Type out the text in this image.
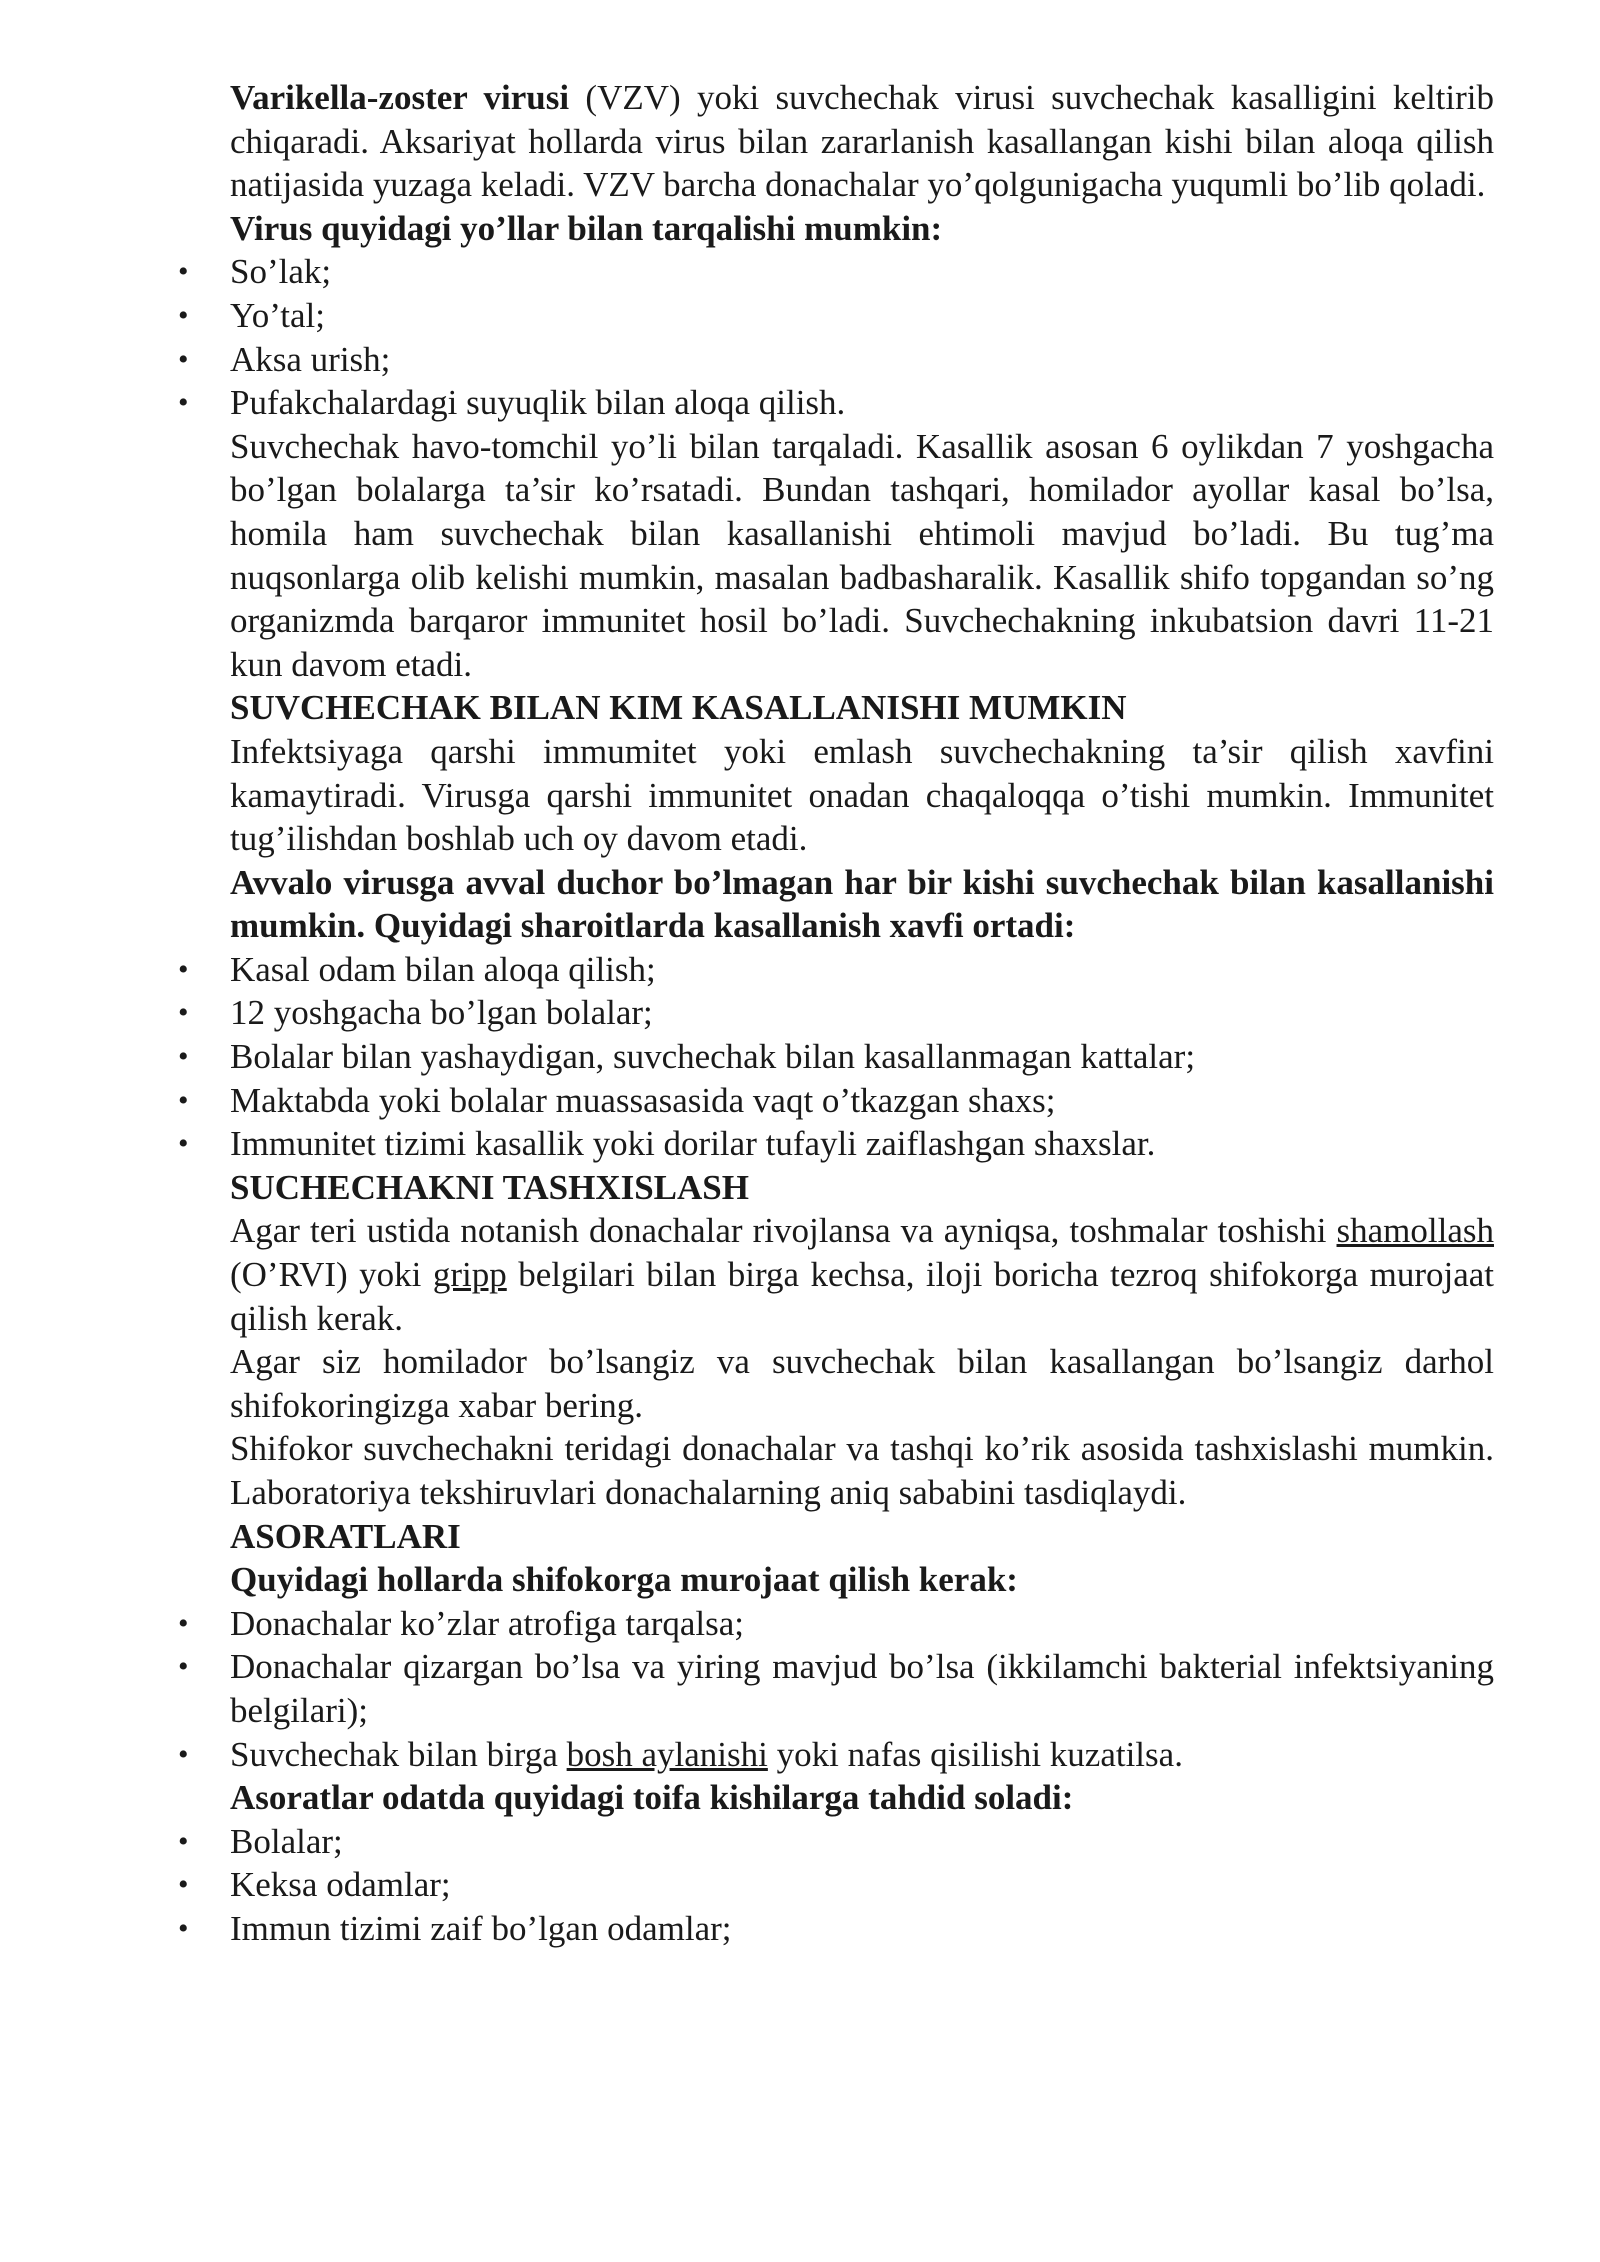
Varikella-zoster virusi (VZV) yoki suvchechak virusi suvchechak kasalligini keltirib chiqaradi. Aksariyat hollarda virus bilan zararlanish kasallangan kishi bilan aloqa qilish natijasida yuzaga keladi. VZV barcha donachalar yo’qolgunigacha yuqumli bo’lib qoladi.

Virus quyidagi yo’llar bilan tarqalishi mumkin:

• So’lak;
• Yo’tal;
• Aksa urish;
• Pufakchalardagi suyuqlik bilan aloqa qilish.

Suvchechak havo-tomchil yo’li bilan tarqaladi. Kasallik asosan 6 oylikdan 7 yoshgacha bo’lgan bolalarga ta’sir ko’rsatadi. Bundan tashqari, homilador ayollar kasal bo’lsa, homila ham suvchechak bilan kasallanishi ehtimoli mavjud bo’ladi. Bu tug’ma nuqsonlarga olib kelishi mumkin, masalan badbasharalik. Kasallik shifo topgandan so’ng organizmda barqaror immunitet hosil bo’ladi. Suvchechakning inkubatsion davri 11-21 kun davom etadi.

SUVCHECHAK BILAN KIM KASALLANISHI MUMKIN

Infektsiyaga qarshi immumitet yoki emlash suvchechakning ta’sir qilish xavfini kamaytiradi. Virusga qarshi immunitet onadan chaqaloqqa o’tishi mumkin. Immunitet tug’ilishdan boshlab uch oy davom etadi.

Avvalo virusga avval duchor bo’lmagan har bir kishi suvchechak bilan kasallanishi mumkin. Quyidagi sharoitlarda kasallanish xavfi ortadi:

• Kasal odam bilan aloqa qilish;
• 12 yoshgacha bo’lgan bolalar;
• Bolalar bilan yashaydigan, suvchechak bilan kasallanmagan kattalar;
• Maktabda yoki bolalar muassasasida vaqt o’tkazgan shaxs;
• Immunitet tizimi kasallik yoki dorilar tufayli zaiflashgan shaxslar.

SUCHECHAKNI TASHXISLASH

Agar teri ustida notanish donachalar rivojlansa va ayniqsa, toshmalar toshishi shamollash (O’RVI) yoki gripp belgilari bilan birga kechsa, iloji boricha tezroq shifokorga murojaat qilish kerak.

Agar siz homilador bo’lsangiz va suvchechak bilan kasallangan bo’lsangiz darhol shifokoringizga xabar bering.

Shifokor suvchechakni teridagi donachalar va tashqi ko’rik asosida tashxislashi mumkin. Laboratoriya tekshiruvlari donachalarning aniq sababini tasdiqlaydi.

ASORATLARI

Quyidagi hollarda shifokorga murojaat qilish kerak:

• Donachalar ko’zlar atrofiga tarqalsa;
• Donachalar qizargan bo’lsa va yiring mavjud bo’lsa (ikkilamchi bakterial infektsiyaning belgilari);
• Suvchechak bilan birga bosh aylanishi yoki nafas qisilishi kuzatilsa.

Asoratlar odatda quyidagi toifa kishilarga tahdid soladi:

• Bolalar;
• Keksa odamlar;
• Immun tizimi zaif bo’lgan odamlar;
